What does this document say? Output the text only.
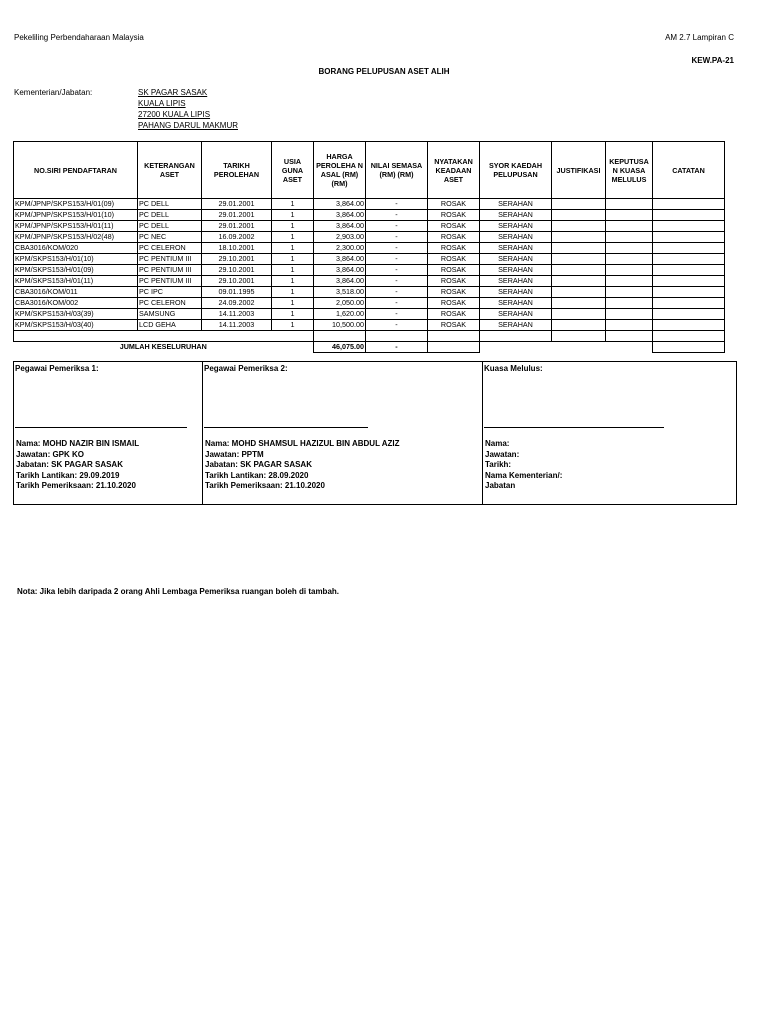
Pekeliling Perbendaharaan Malaysia	AM 2.7 Lampiran C
KEW.PA-21
BORANG PELUPUSAN ASET ALIH
Kementerian/Jabatan:	SK PAGAR SASAK
KUALA LIPIS
27200 KUALA LIPIS
PAHANG DARUL MAKMUR
NO.SIRI PENDAFTARAN	KETERANGAN ASET	TARIKH PEROLEHAN	USIA GUNA ASET	HARGA PEROLEHA N ASAL (RM) (RM)	NILAI SEMASA (RM) (RM)	NYATAKAN KEADAAN ASET	SYOR KAEDAH PELUPUSAN	JUSTIFIKASI	KEPUTUSA N KUASA MELULUS	CATATAN
KPM/JPNP/SKPS153/H/01(09)	PC DELL	29.01.2001	1	3,864.00	-	ROSAK	SERAHAN			
KPM/JPNP/SKPS153/H/01(10)	PC DELL	29.01.2001	1	3,864.00	-	ROSAK	SERAHAN			
KPM/JPNP/SKPS153/H/01(11)	PC DELL	29.01.2001	1	3,864.00	-	ROSAK	SERAHAN			
KPM/JPNP/SKPS153/H/02(48)	PC NEC	16.09.2002	1	2,903.00	-	ROSAK	SERAHAN			
CBA3016/KOM/020	PC CELERON	18.10.2001	1	2,300.00	-	ROSAK	SERAHAN			
KPM/SKPS153/H/01(10)	PC PENTIUM III	29.10.2001	1	3,864.00	-	ROSAK	SERAHAN			
KPM/SKPS153/H/01(09)	PC PENTIUM III	29.10.2001	1	3,864.00	-	ROSAK	SERAHAN			
KPM/SKPS153/H/01(11)	PC PENTIUM III	29.10.2001	1	3,864.00	-	ROSAK	SERAHAN			
CBA3016/KOM/011	PC IPC	09.01.1995	1	3,518.00	-	ROSAK	SERAHAN			
CBA3016/KOM/002	PC CELERON	24.09.2002	1	2,050.00	-	ROSAK	SERAHAN			
KPM/SKPS153/H/03(39)	SAMSUNG	14.11.2003	1	1,620.00	-	ROSAK	SERAHAN			
KPM/SKPS153/H/03(40)	LCD GEHA	14.11.2003	1	10,500.00	-	ROSAK	SERAHAN			

JUMLAH KESELURUHAN				46,075.00	-					
Pegawai Pemeriksa 1:
Nama: MOHD NAZIR BIN ISMAIL
Jawatan: GPK KO
Jabatan: SK PAGAR SASAK
Tarikh Lantikan: 29.09.2019
Tarikh Pemeriksaan: 21.10.2020
Pegawai Pemeriksa 2:
Nama: MOHD SHAMSUL HAZIZUL BIN ABDUL AZIZ
Jawatan: PPTM
Jabatan: SK PAGAR SASAK
Tarikh Lantikan: 28.09.2020
Tarikh Pemeriksaan: 21.10.2020
Kuasa Melulus:
Nama:
Jawatan:
Tarikh:
Nama Kementerian/:
Jabatan
Nota: Jika lebih daripada 2 orang Ahli Lembaga Pemeriksa ruangan boleh di tambah.
